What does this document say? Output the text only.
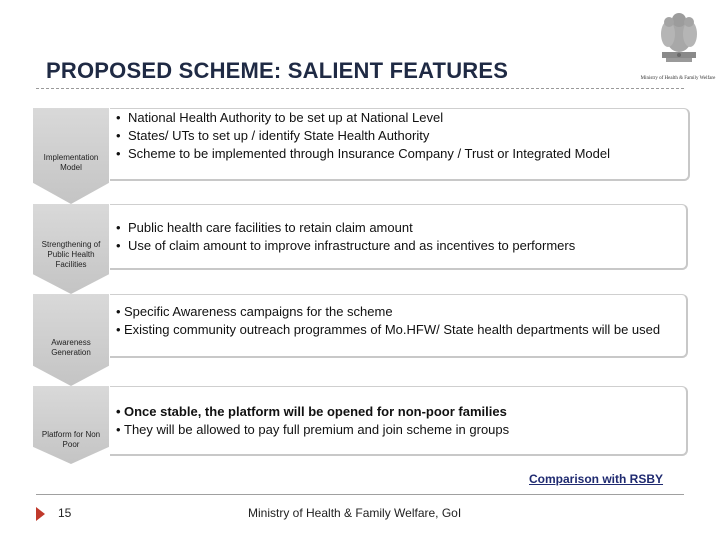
PROPOSED SCHEME: SALIENT FEATURES	Ministry of Health & Family Welfare
Implementation Model
• National Health Authority to be set up at National Level
• States/ UTs to set up / identify State Health Authority
• Scheme to be implemented through Insurance Company / Trust or Integrated Model
Strengthening of Public Health Facilities
• Public health care facilities to retain claim amount
• Use of claim amount to improve infrastructure and as incentives to performers
Awareness Generation
• Specific Awareness campaigns for the scheme
• Existing community outreach programmes of Mo.HFW/ State health departments will be used
Platform for Non Poor
• Once stable, the platform will be opened for non-poor families
• They will be allowed to pay full premium and join scheme in groups
Comparison with RSBY
15	Ministry of Health & Family Welfare, GoI
